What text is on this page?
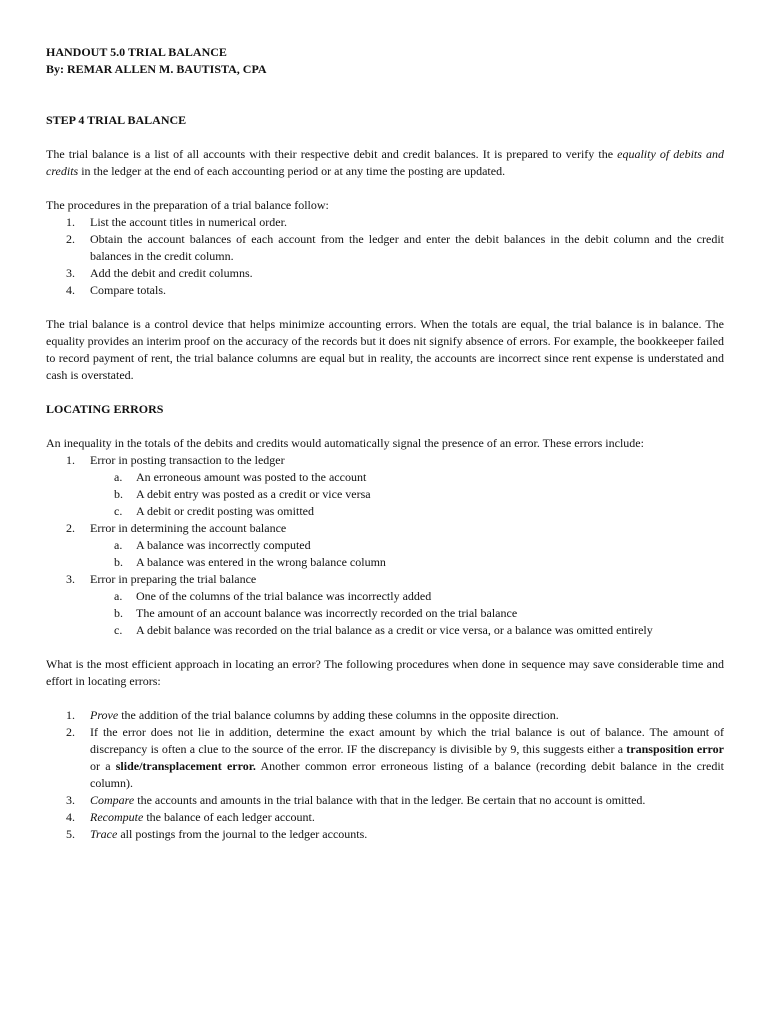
HANDOUT 5.0 TRIAL BALANCE

By: REMAR ALLEN M. BAUTISTA, CPA

STEP 4 TRIAL BALANCE

The trial balance is a list of all accounts with their respective debit and credit balances. It is prepared to verify the equality of debits and credits in the ledger at the end of each accounting period or at any time the posting are updated.

The procedures in the preparation of a trial balance follow:

1.	List the account titles in numerical order.
2.	Obtain the account balances of each account from the ledger and enter the debit balances in the debit column and the credit balances in the credit column.
3.	Add the debit and credit columns.
4.	Compare totals.

The trial balance is a control device that helps minimize accounting errors. When the totals are equal, the trial balance is in balance. The equality provides an interim proof on the accuracy of the records but it does nit signify absence of errors. For example, the bookkeeper failed to record payment of rent, the trial balance columns are equal but in reality, the accounts are incorrect since rent expense is understated and cash is overstated.

LOCATING ERRORS

An inequality in the totals of the debits and credits would automatically signal the presence of an error. These errors include:

1.	Error in posting transaction to the ledger
a.	An erroneous amount was posted to the account
b.	A debit entry was posted as a credit or vice versa
c.	A debit or credit posting was omitted
2.	Error in determining the account balance
a.	A balance was incorrectly computed
b.	A balance was entered in the wrong balance column
3.	Error in preparing the trial balance
a.	One of the columns of the trial balance was incorrectly added
b.	The amount of an account balance was incorrectly recorded on the trial balance
c.	A debit balance was recorded on the trial balance as a credit or vice versa, or a balance was omitted entirely

What is the most efficient approach in locating an error? The following procedures when done in sequence may save considerable time and effort in locating errors:

1.	Prove the addition of the trial balance columns by adding these columns in the opposite direction.
2.	If the error does not lie in addition, determine the exact amount by which the trial balance is out of balance. The amount of discrepancy is often a clue to the source of the error. IF the discrepancy is divisible by 9, this suggests either a transposition error or a slide/transplacement error. Another common error erroneous listing of a balance (recording debit balance in the credit column).
3.	Compare the accounts and amounts in the trial balance with that in the ledger. Be certain that no account is omitted.
4.	Recompute the balance of each ledger account.
5.	Trace all postings from the journal to the ledger accounts.
